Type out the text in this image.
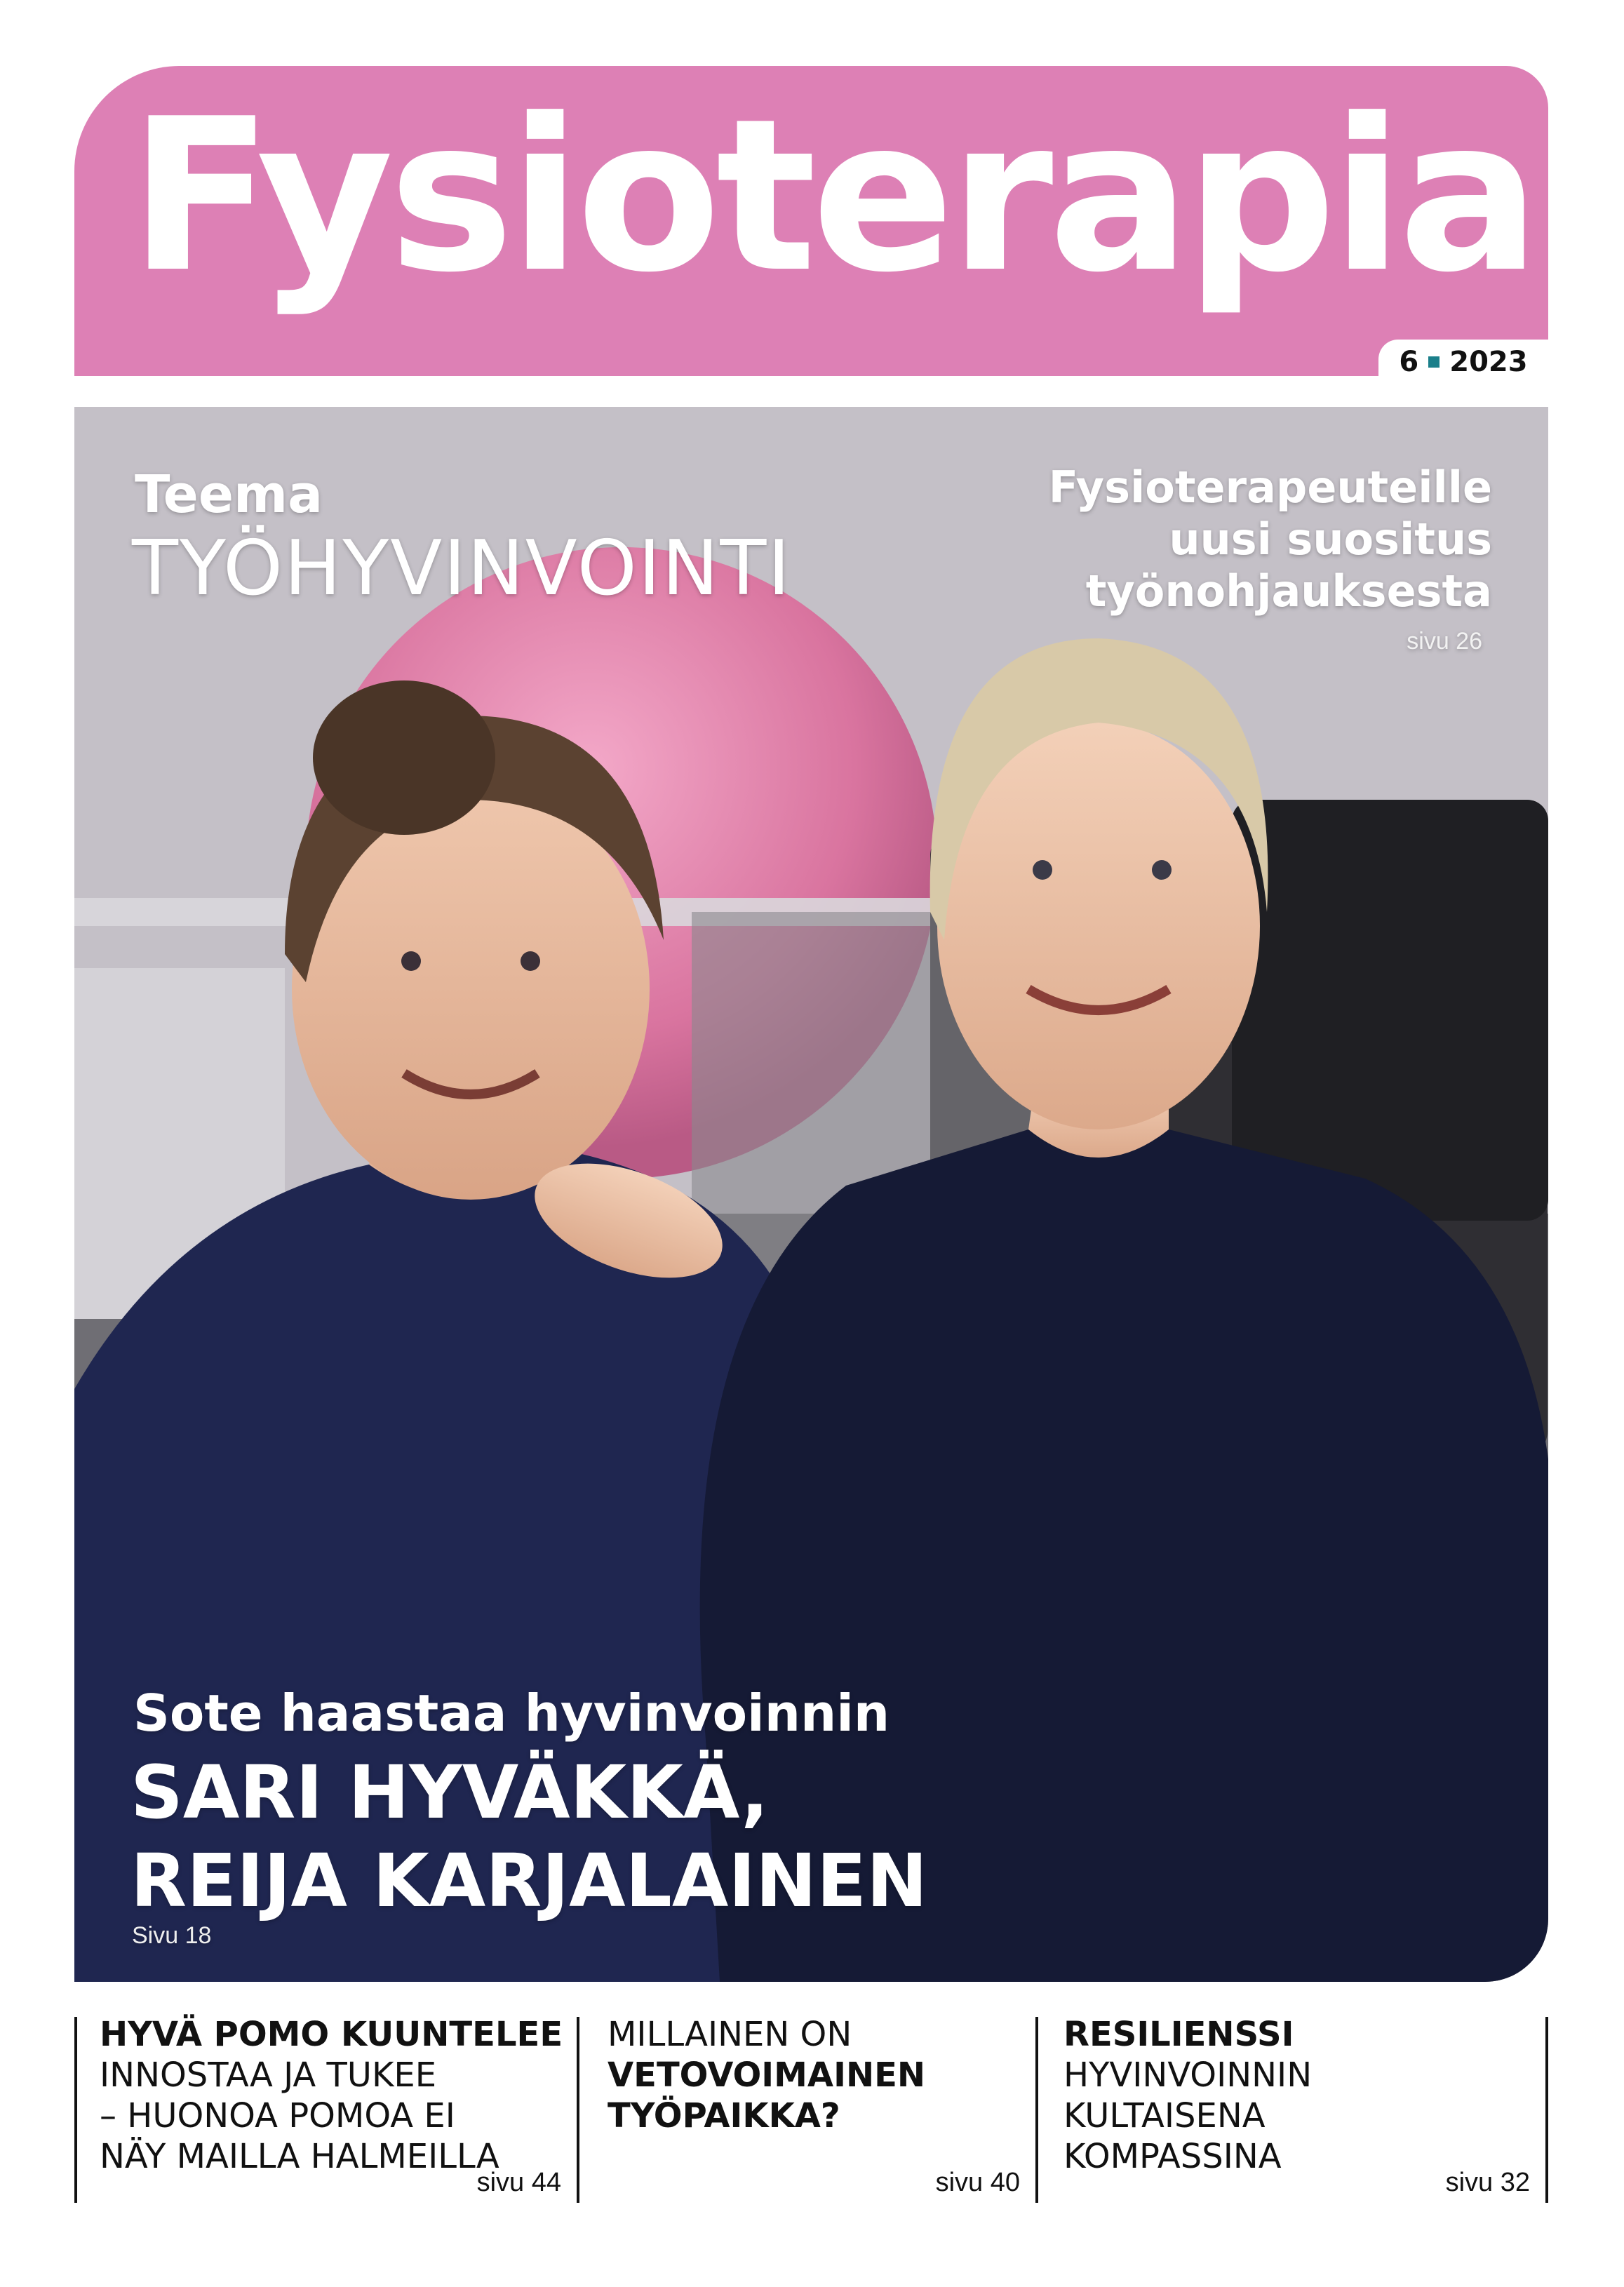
Fysioterapia
6 2023
Teema
TYÖHYVINVOINTI
Fysioterapeuteille
uusi suositus
työnohjauksesta
sivu 26
Sote haastaa hyvinvoinnin
SARI HYVÄKKÄ,
REIJA KARJALAINEN
Sivu 18
HYVÄ POMO KUUNTELEE
INNOSTAA JA TUKEE
– HUONOA POMOA EI
NÄY MAILLA HALMEILLA
sivu 44
MILLAINEN ON
VETOVOIMAINEN
TYÖPAIKKA?
sivu 40
RESILIENSSI
HYVINVOINNIN
KULTAISENA
KOMPASSINA
sivu 32
